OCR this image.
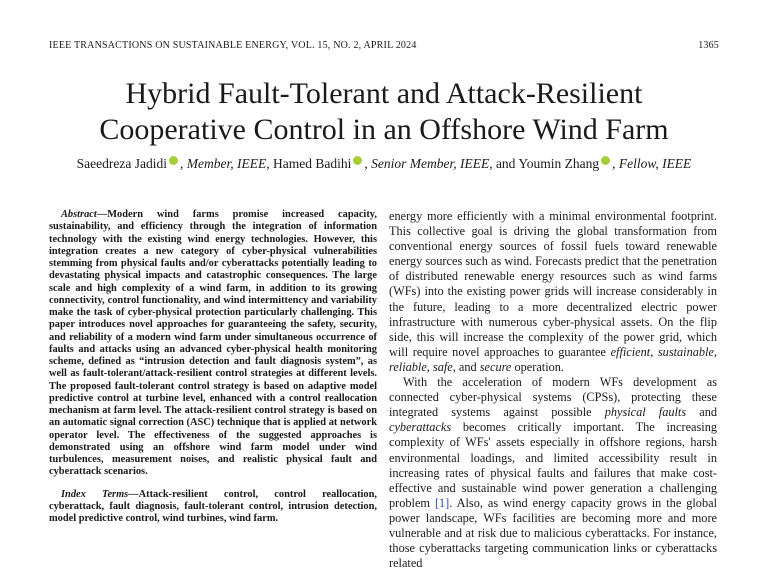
IEEE TRANSACTIONS ON SUSTAINABLE ENERGY, VOL. 15, NO. 2, APRIL 2024	1365
Hybrid Fault-Tolerant and Attack-Resilient
Cooperative Control in an Offshore Wind Farm
Saeedreza Jadidi , Member, IEEE, Hamed Badihi , Senior Member, IEEE, and Youmin Zhang , Fellow, IEEE

Abstract—Modern wind farms promise increased capacity, sustainability, and efficiency through the integration of information technology with the existing wind energy technologies. However, this integration creates a new category of cyber-physical vulnerabilities stemming from physical faults and/or cyberattacks potentially leading to devastating physical impacts and catastrophic consequences. The large scale and high complexity of a wind farm, in addition to its growing connectivity, control functionality, and wind intermittency and variability make the task of cyber-physical protection particularly challenging. This paper introduces novel approaches for guaranteeing the safety, security, and reliability of a modern wind farm under simultaneous occurrence of faults and attacks using an advanced cyber-physical health monitoring scheme, defined as “intrusion detection and fault diagnosis system”, as well as fault-tolerant/attack-resilient control strategies at different levels. The proposed fault-tolerant control strategy is based on adaptive model predictive control at turbine level, enhanced with a control reallocation mechanism at farm level. The attack-resilient control strategy is based on an automatic signal correction (ASC) technique that is applied at network operator level. The effectiveness of the suggested approaches is demonstrated using an offshore wind farm model under wind turbulences, measurement noises, and realistic physical fault and cyberattack scenarios.

Index Terms—Attack-resilient control, control reallocation, cyberattack, fault diagnosis, fault-tolerant control, intrusion detection, model predictive control, wind turbines, wind farm.

energy more efficiently with a minimal environmental footprint. This collective goal is driving the global transformation from conventional energy sources of fossil fuels toward renewable energy sources such as wind. Forecasts predict that the penetration of distributed renewable energy resources such as wind farms (WFs) into the existing power grids will increase considerably in the future, leading to a more decentralized electric power infrastructure with numerous cyber-physical assets. On the flip side, this will increase the complexity of the power grid, which will require novel approaches to guarantee efficient, sustainable, reliable, safe, and secure operation.

With the acceleration of modern WFs development as connected cyber-physical systems (CPSs), protecting these integrated systems against possible physical faults and cyberattacks becomes critically important. The increasing complexity of WFs' assets especially in offshore regions, harsh environmental loadings, and limited accessibility result in increasing rates of physical faults and failures that make cost-effective and sustainable wind power generation a challenging problem [1]. Also, as wind energy capacity grows in the global power landscape, WFs facilities are becoming more and more vulnerable and at risk due to malicious cyberattacks. For instance, those cyberattacks targeting communication links or cyberattacks related
